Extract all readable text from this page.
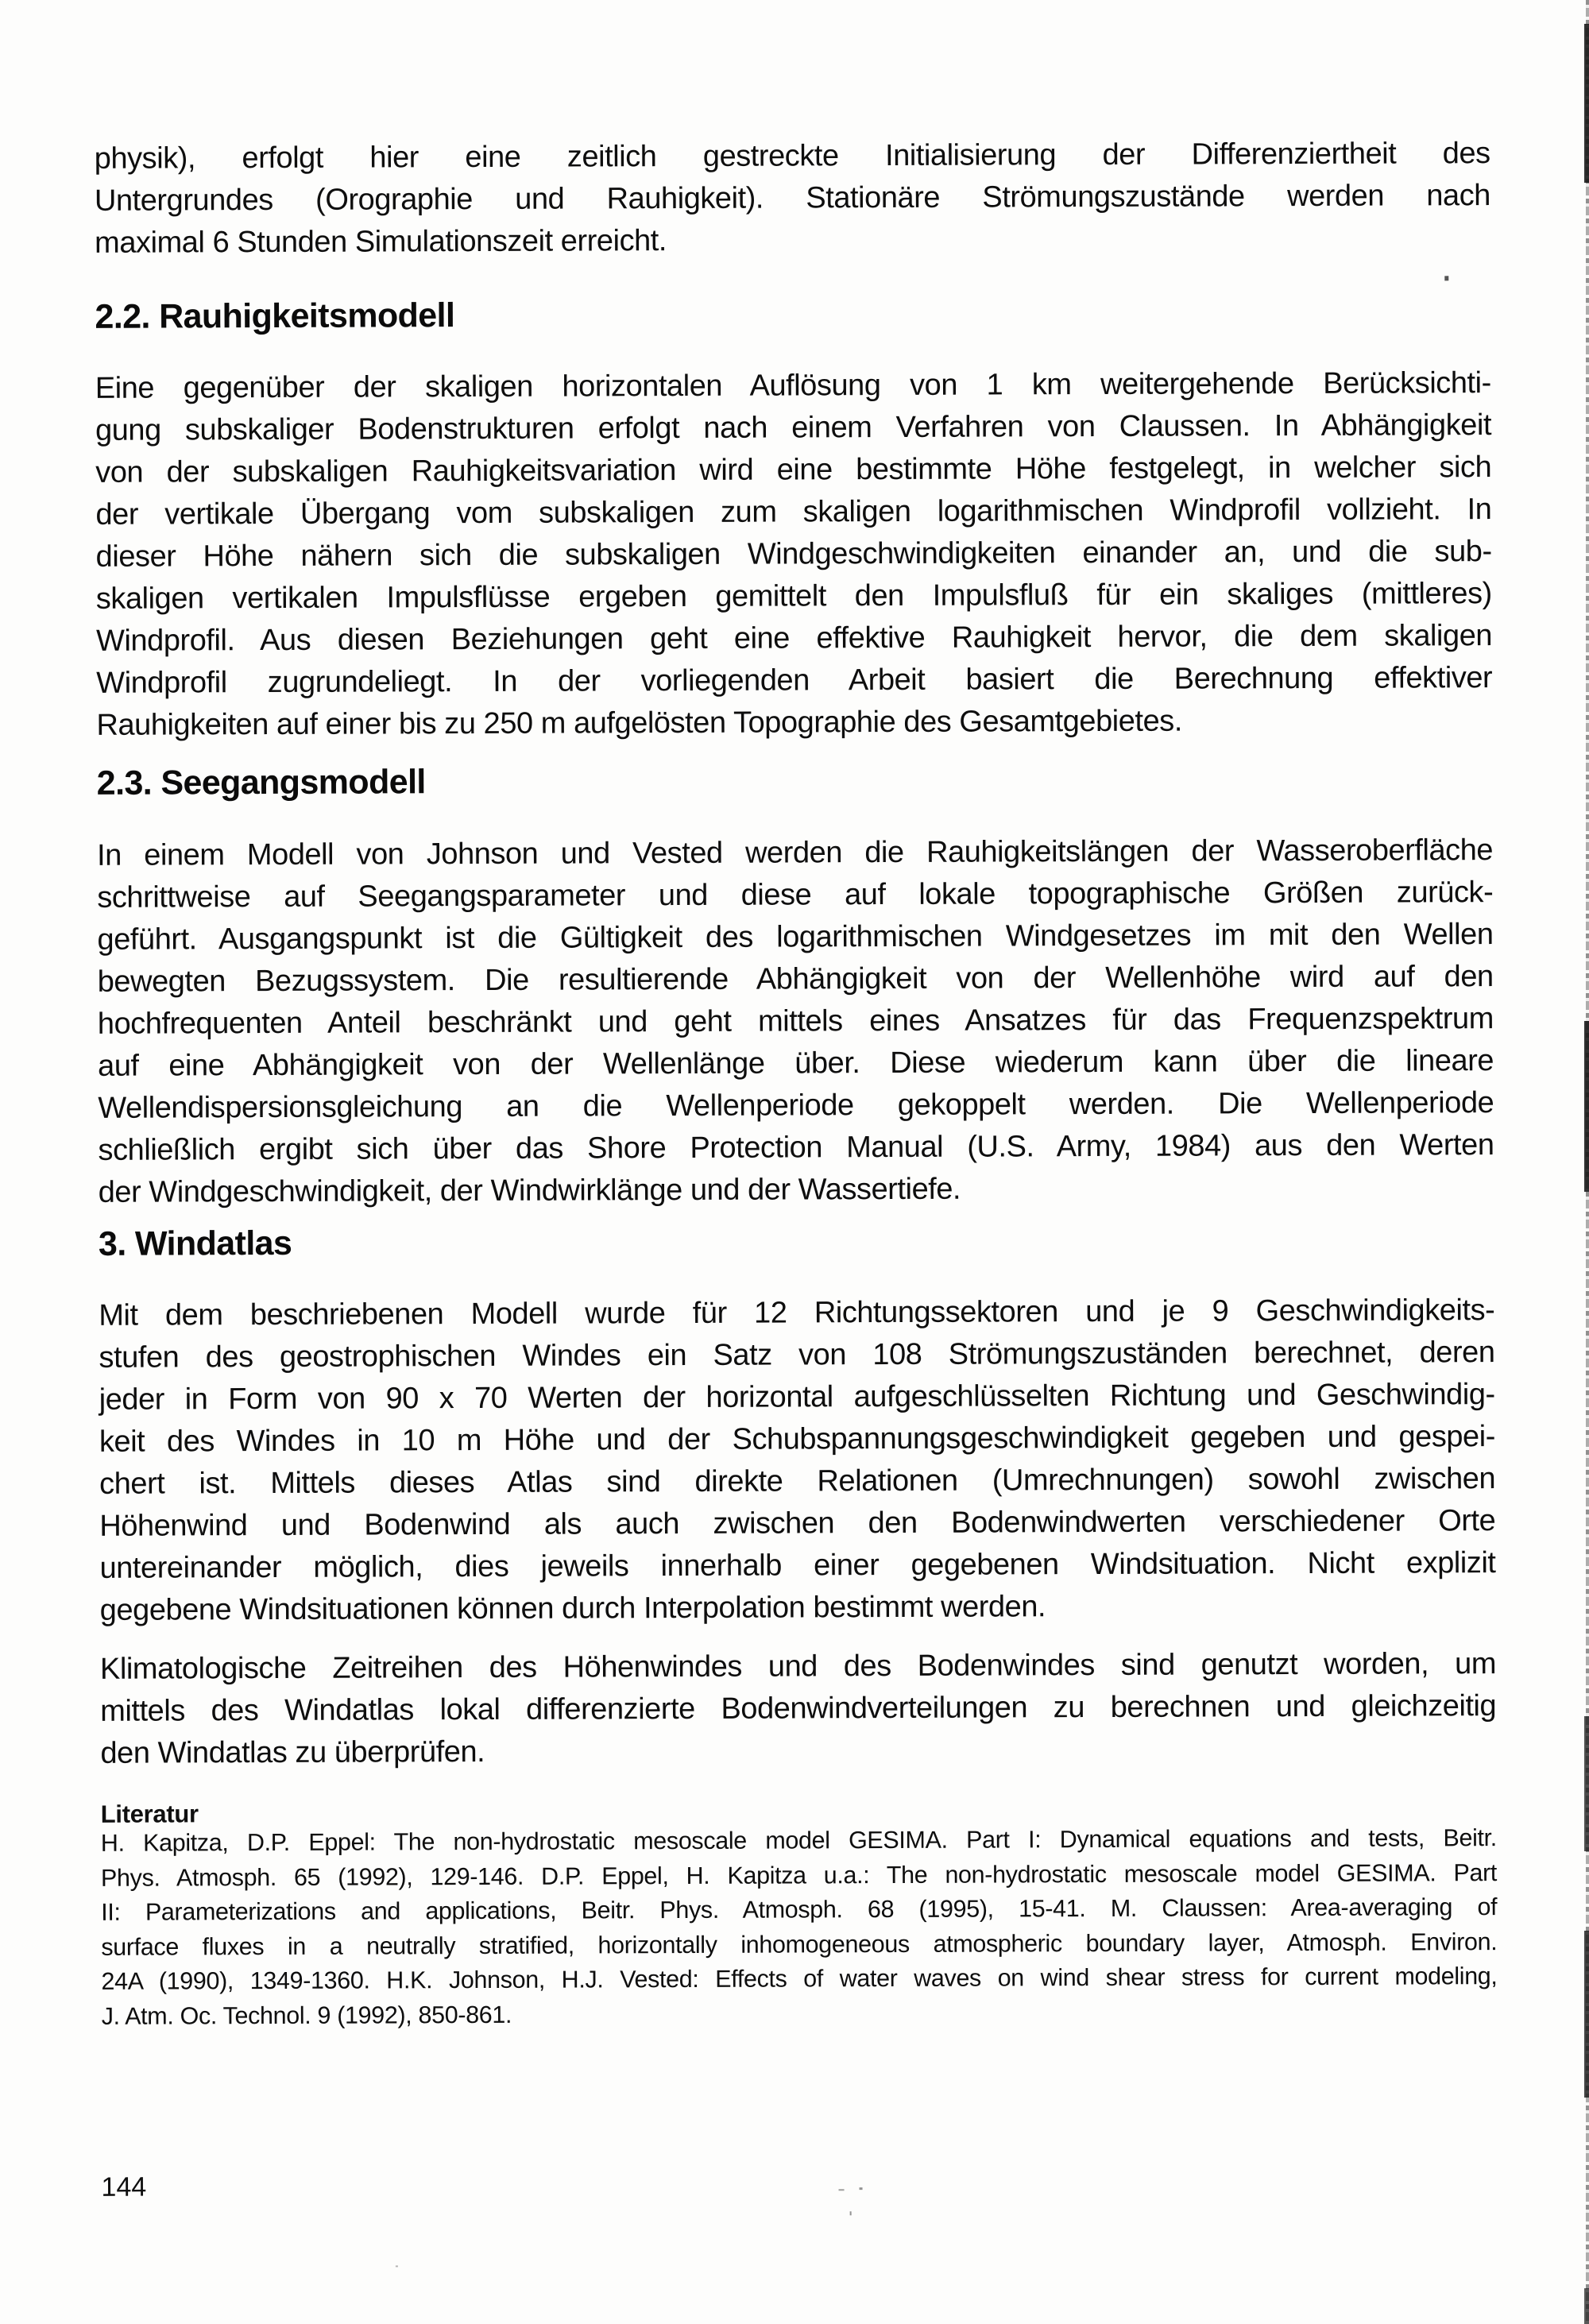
physik), erfolgt hier eine zeitlich gestreckte Initialisierung der Differenziertheit des
Untergrundes (Orographie und Rauhigkeit). Stationäre Strömungszustände werden nach
maximal 6 Stunden Simulationszeit erreicht.
2.2. Rauhigkeitsmodell
Eine gegenüber der skaligen horizontalen Auflösung von 1 km weitergehende Berücksichti-
gung subskaliger Bodenstrukturen erfolgt nach einem Verfahren von Claussen. In Abhängigkeit
von der subskaligen Rauhigkeitsvariation wird eine bestimmte Höhe festgelegt, in welcher sich
der vertikale Übergang vom subskaligen zum skaligen logarithmischen Windprofil vollzieht. In
dieser Höhe nähern sich die subskaligen Windgeschwindigkeiten einander an, und die sub-
skaligen vertikalen Impulsflüsse ergeben gemittelt den Impulsfluß für ein skaliges (mittleres)
Windprofil. Aus diesen Beziehungen geht eine effektive Rauhigkeit hervor, die dem skaligen
Windprofil zugrundeliegt. In der vorliegenden Arbeit basiert die Berechnung effektiver
Rauhigkeiten auf einer bis zu 250 m aufgelösten Topographie des Gesamtgebietes.
2.3. Seegangsmodell
In einem Modell von Johnson und Vested werden die Rauhigkeitslängen der Wasseroberfläche
schrittweise auf Seegangsparameter und diese auf lokale topographische Größen zurück-
geführt. Ausgangspunkt ist die Gültigkeit des logarithmischen Windgesetzes im mit den Wellen
bewegten Bezugssystem. Die resultierende Abhängigkeit von der Wellenhöhe wird auf den
hochfrequenten Anteil beschränkt und geht mittels eines Ansatzes für das Frequenzspektrum
auf eine Abhängigkeit von der Wellenlänge über. Diese wiederum kann über die lineare
Wellendispersionsgleichung an die Wellenperiode gekoppelt werden. Die Wellenperiode
schließlich ergibt sich über das Shore Protection Manual (U.S. Army, 1984) aus den Werten
der Windgeschwindigkeit, der Windwirklänge und der Wassertiefe.
3. Windatlas
Mit dem beschriebenen Modell wurde für 12 Richtungssektoren und je 9 Geschwindigkeits-
stufen des geostrophischen Windes ein Satz von 108 Strömungszuständen berechnet, deren
jeder in Form von 90 x 70 Werten der horizontal aufgeschlüsselten Richtung und Geschwindig-
keit des Windes in 10 m Höhe und der Schubspannungsgeschwindigkeit gegeben und gespei-
chert ist. Mittels dieses Atlas sind direkte Relationen (Umrechnungen) sowohl zwischen
Höhenwind und Bodenwind als auch zwischen den Bodenwindwerten verschiedener Orte
untereinander möglich, dies jeweils innerhalb einer gegebenen Windsituation. Nicht explizit
gegebene Windsituationen können durch Interpolation bestimmt werden.
Klimatologische Zeitreihen des Höhenwindes und des Bodenwindes sind genutzt worden, um
mittels des Windatlas lokal differenzierte Bodenwindverteilungen zu berechnen und gleichzeitig
den Windatlas zu überprüfen.
Literatur
H. Kapitza, D.P. Eppel: The non-hydrostatic mesoscale model GESIMA. Part I: Dynamical equations and tests, Beitr.
Phys. Atmosph. 65 (1992), 129-146. D.P. Eppel, H. Kapitza u.a.: The non-hydrostatic mesoscale model GESIMA. Part
II: Parameterizations and applications, Beitr. Phys. Atmosph. 68 (1995), 15-41. M. Claussen: Area-averaging of
surface fluxes in a neutrally stratified, horizontally inhomogeneous atmospheric boundary layer, Atmosph. Environ.
24A (1990), 1349-1360. H.K. Johnson, H.J. Vested: Effects of water waves on wind shear stress for current modeling,
J. Atm. Oc. Technol. 9 (1992), 850-861.
144
